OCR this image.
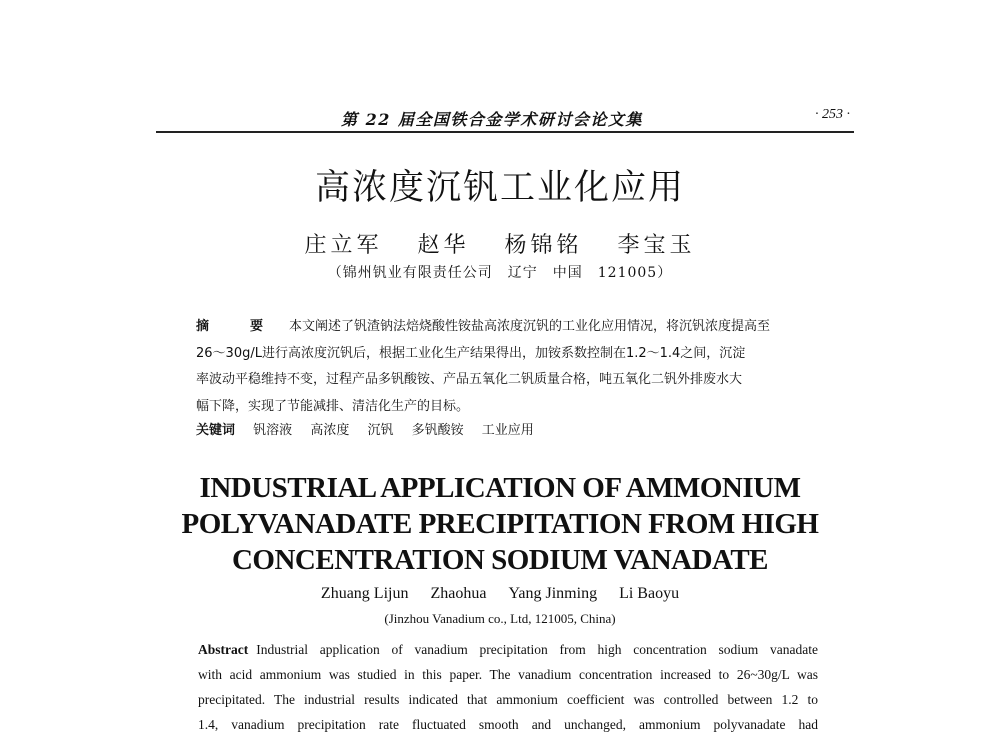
第 22 届全国铁合金学术研讨会论文集	· 253 ·
高浓度沉钒工业化应用
庄立军 赵华 杨锦铭 李宝玉
（锦州钒业有限责任公司　辽宁　中国　121005）
摘　要 本文阐述了钒渣钠法焙烧酸性铵盐高浓度沉钒的工业化应用情况，将沉钒浓度提高至
26～30g/L进行高浓度沉钒后，根据工业化生产结果得出，加铵系数控制在1.2～1.4之间，沉淀
率波动平稳维持不变，过程产品多钒酸铵、产品五氧化二钒质量合格，吨五氧化二钒外排废水大
幅下降，实现了节能减排、清洁化生产的目标。
关键词 钒溶液 高浓度 沉钒 多钒酸铵 工业应用
INDUSTRIAL APPLICATION OF AMMONIUM
POLYVANADATE PRECIPITATION FROM HIGH
CONCENTRATION SODIUM VANADATE
Zhuang Lijun Zhaohua Yang Jinming Li Baoyu
(Jinzhou Vanadium co., Ltd, 121005, China)
Abstract Industrial application of vanadium precipitation from high concentration sodium vanadate
with acid ammonium was studied in this paper. The vanadium concentration increased to 26~30g/L was
precipitated. The industrial results indicated that ammonium coefficient was controlled between 1.2 to
1.4, vanadium precipitation rate fluctuated smooth and unchanged, ammonium polyvanadate had
